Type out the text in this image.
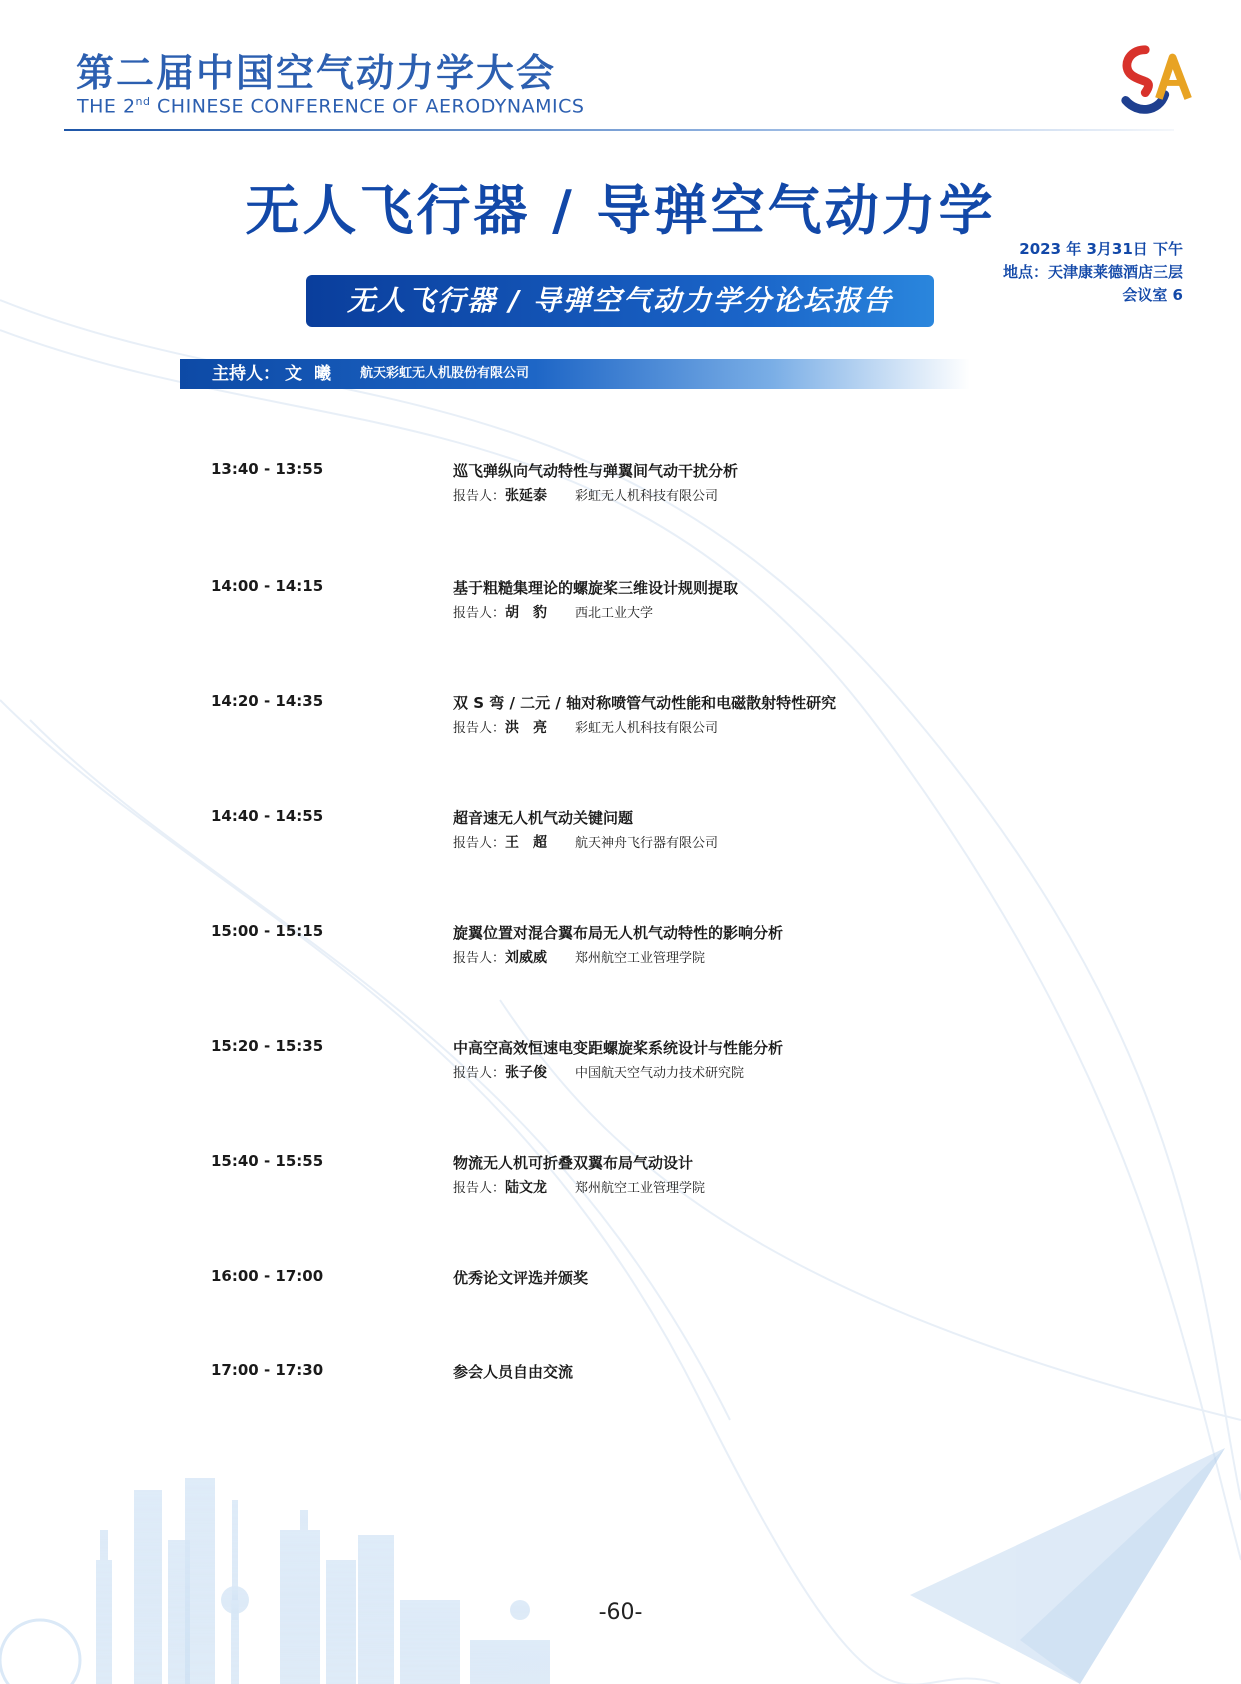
第二届中国空气动力学大会
THE 2nd CHINESE CONFERENCE OF AERODYNAMICS
无人飞行器 / 导弹空气动力学
2023 年 3月31日 下午
地点：天津康莱德酒店三层
会议室 6
无人飞行器 / 导弹空气动力学分论坛报告
主持人： 文曦 航天彩虹无人机股份有限公司
13:40 - 13:55	巡飞弹纵向气动特性与弹翼间气动干扰分析
报告人：张延泰 彩虹无人机科技有限公司
14:00 - 14:15	基于粗糙集理论的螺旋桨三维设计规则提取
报告人：胡　豹 西北工业大学
14:20 - 14:35	双 S 弯 / 二元 / 轴对称喷管气动性能和电磁散射特性研究
报告人：洪　亮 彩虹无人机科技有限公司
14:40 - 14:55	超音速无人机气动关键问题
报告人：王　超 航天神舟飞行器有限公司
15:00 - 15:15	旋翼位置对混合翼布局无人机气动特性的影响分析
报告人：刘威威 郑州航空工业管理学院
15:20 - 15:35	中高空高效恒速电变距螺旋桨系统设计与性能分析
报告人：张子俊 中国航天空气动力技术研究院
15:40 - 15:55	物流无人机可折叠双翼布局气动设计
报告人：陆文龙 郑州航空工业管理学院
16:00 - 17:00	优秀论文评选并颁奖
17:00 - 17:30	参会人员自由交流
-60-
